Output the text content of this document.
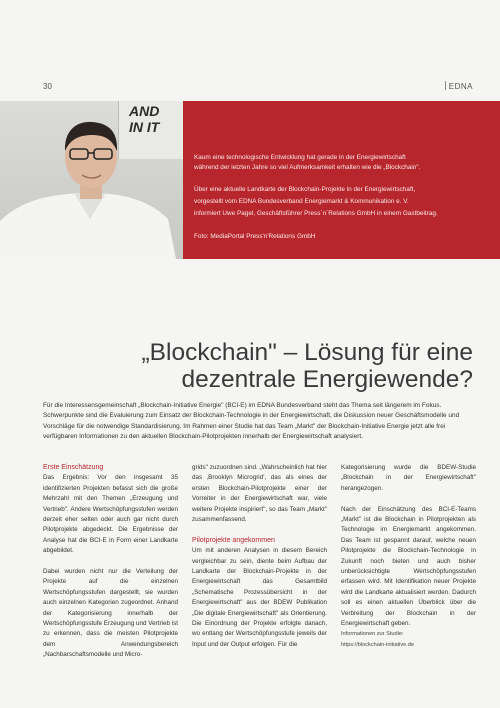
30	EDNA
AND
IN IT

Kaum eine technologische Entwicklung hat gerade in der Energiewirtschaft

während der letzten Jahre so viel Aufmerksamkeit erhalten wie die „Blockchain".

Über eine aktuelle Landkarte der Blockchain-Projekte in der Energiewirtschaft,

vorgestellt vom EDNA Bundesverband Energiemarkt & Kommunikation e. V.

informiert Uwe Pagel, Geschäftsführer Press´n´Relations GmbH in einem Gastbeitrag.

Foto: MediaPortal Press'n'Relations GmbH

„Blockchain" – Lösung für eine
dezentrale Energiewende?

Für die Interessensgemeinschaft „Blockchain-Initiative Energie" (BCI-E) im EDNA Bundesverband steht das Thema seit längerem im Fokus. Schwerpunkte sind die Evaluierung zum Einsatz der Blockchain-Technologie in der Energiewirtschaft, die Diskussion neuer Geschäftsmodelle und Vorschläge für die notwendige Standardisierung. Im Rahmen einer Studie hat das Team „Markt" der Blockchain-Initiative Energie jetzt alle frei verfügbaren Informationen zu den aktuellen Blockchain-Pilotprojekten innerhalb der Energiewirtschaft analysiert.

Erste Einschätzung

Das Ergebnis: Vor den insgesamt 35 identifizierten Projekten befasst sich die große Mehrzahl mit den Themen „Erzeugung und Vertrieb". Andere Wertschöpfungsstufen werden derzeit eher selten oder auch gar nicht durch Pilotprojekte abgedeckt. Die Ergebnisse der Analyse hat die BCI-E in Form einer Landkarte abgebildet.

Dabei wurden nicht nur die Verteilung der Projekte auf die einzelnen Wertschöpfungsstufen dargestellt, sie wurden auch einzelnen Kategorien zugeordnet. Anhand der Kategorisierung innerhalb der Wertschöpfungsstufe Erzeugung und Vertrieb ist zu erkennen, dass die meisten Pilotprojekte dem Anwendungsbereich „Nachbarschaftsmodelle und Micro-

grids" zuzuordnen sind. „Wahrscheinlich hat hier das ‚Brooklyn Microgrid', das als eines der ersten Blockchain-Pilotprojekte einer der Vorreiter in der Energiewirtschaft war, viele weitere Projekte inspiriert", so das Team „Markt" zusammenfassend.

Pilotprojekte angekommen

Um mit anderen Analysen in diesem Bereich vergleichbar zu sein, diente beim Aufbau der Landkarte der Blockchain-Projekte in der Energiewirtschaft das Gesamtbild „Schematische Prozessübersicht in der Energiewirtschaft" aus der BDEW Publikation „Die digitale Energiewirtschaft" als Orientierung. Die Einordnung der Projekte erfolgte danach, wo entlang der Wertschöpfungsstufe jeweils der Input und der Output erfolgen. Für die

Kategorisierung wurde die BDEW-Studie „Blockchain in der Energiewirtschaft" herangezogen.

Nach der Einschätzung des BCI-E-Teams „Markt" ist die Blockchain in Pilotprojekten als Technologie im Energiemarkt angekommen. Das Team ist gespannt darauf, welche neuen Pilotprojekte die Blockchain-Technologie in Zukunft noch bieten und auch bisher unberücksichtigte Wertschöpfungsstufen erfassen wird. Mit Identifikation neuer Projekte wird die Landkarte aktualisiert werden. Dadurch soll es einen aktuellen Überblick über die Verbreitung der Blockchain in der Energiewirtschaft geben.

Informationen zur Studie:
https://blockchain-initiative.de
